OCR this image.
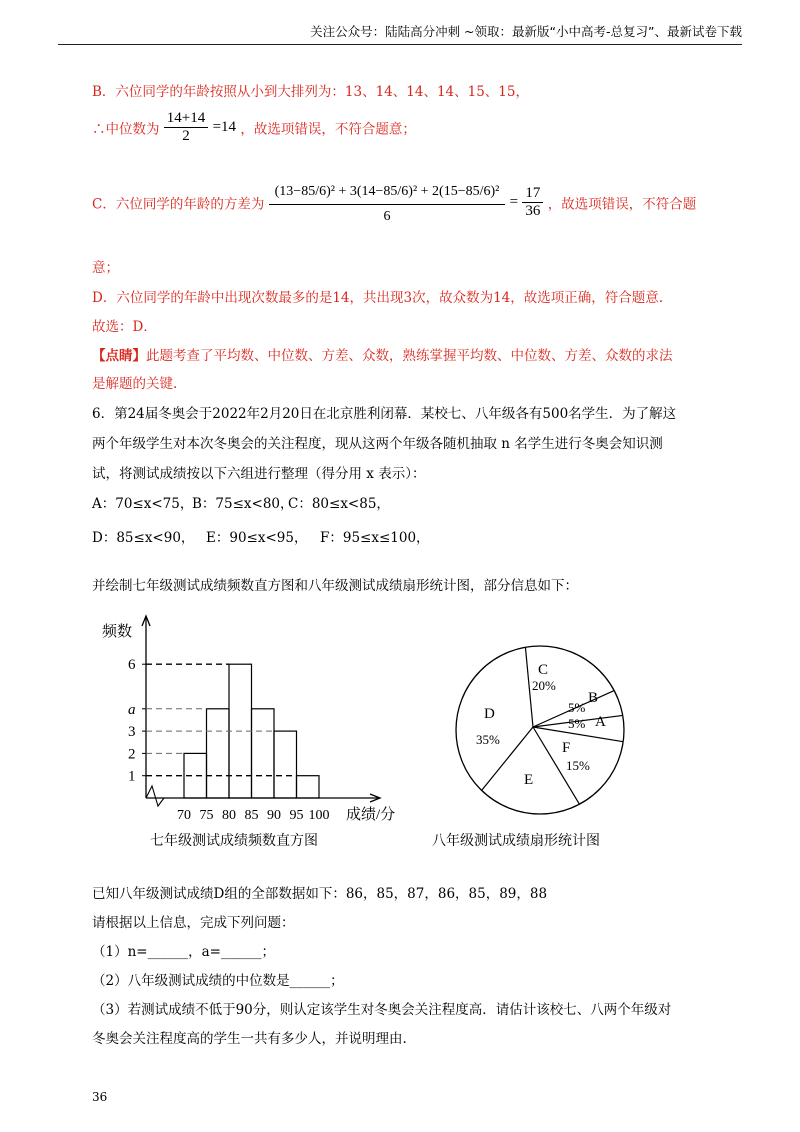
关注公众号：陆陆高分冲刺 ~领取：最新版“小中高考-总复习”、最新试卷下载
B．六位同学的年龄按照从小到大排列为：13、14、14、14、15、15，
∴中位数为 $\frac{14+14}{2} =14$ ，故选项错误，不符合题意；
C．六位同学的年龄的方差为 $\frac{\text{(13−85/6)² + 3(14−85/6)² + 2(15−85/6)²}}{6} = \frac{17}{36}$ ，故选项错误，不符合题
意；
D．六位同学的年龄中出现次数最多的是14，共出现3次，故众数为14，故选项正确，符合题意.
故选：D．
【点睛】此题考查了平均数、中位数、方差、众数，熟练掌握平均数、中位数、方差、众数的求法
是解题的关键.
6．第24届冬奥会于2022年2月20日在北京胜利闭幕．某校七、八年级各有500名学生．为了解这
两个年级学生对本次冬奥会的关注程度，现从这两个年级各随机抽取 n 名学生进行冬奥会知识测
试，将测试成绩按以下六组进行整理（得分用 x 表示）：
A：70≤x<75，
B：75≤x<80，
C：80≤x<85，
D：85≤x<90， E：90≤x<95， F：95≤x≤100，
并绘制七年级测试成绩频数直方图和八年级测试成绩扇形统计图，部分信息如下：
频数
成绩/分
1
2
3
a
6
70 75 80 85 90 95 100
七年级测试成绩频数直方图
A
5%
B
5%
C
20%
D
35%
E
F
15%
八年级测试成绩扇形统计图
已知八年级测试成绩D组的全部数据如下：86，85，87，86，85，89，88
请根据以上信息，完成下列问题：
（1）n=______，a=______；
（2）八年级测试成绩的中位数是______；
（3）若测试成绩不低于90分，则认定该学生对冬奥会关注程度高．请估计该校七、八两个年级对
冬奥会关注程度高的学生一共有多少人，并说明理由.
36
